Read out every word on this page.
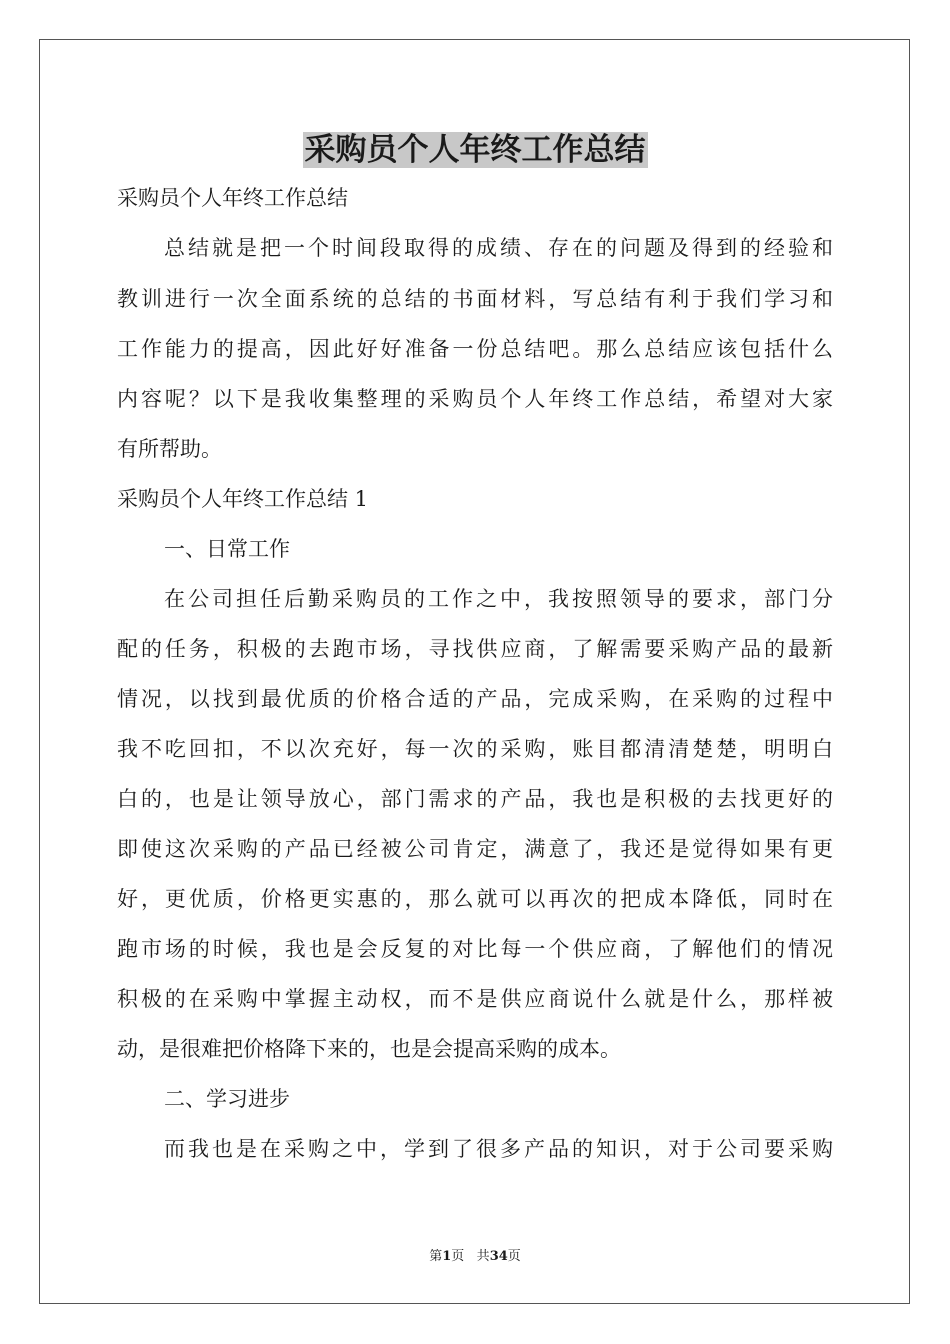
采购员个人年终工作总结

采购员个人年终工作总结

总结就是把一个时间段取得的成绩、存在的问题及得到的经验和

教训进行一次全面系统的总结的书面材料，写总结有利于我们学习和

工作能力的提高，因此好好准备一份总结吧。那么总结应该包括什么

内容呢？以下是我收集整理的采购员个人年终工作总结，希望对大家

有所帮助。

采购员个人年终工作总结 1

一、日常工作

在公司担任后勤采购员的工作之中，我按照领导的要求，部门分

配的任务，积极的去跑市场，寻找供应商，了解需要采购产品的最新

情况，以找到最优质的价格合适的产品，完成采购，在采购的过程中

我不吃回扣，不以次充好，每一次的采购，账目都清清楚楚，明明白

白的，也是让领导放心，部门需求的产品，我也是积极的去找更好的

即使这次采购的产品已经被公司肯定，满意了，我还是觉得如果有更

好，更优质，价格更实惠的，那么就可以再次的把成本降低，同时在

跑市场的时候，我也是会反复的对比每一个供应商，了解他们的情况

积极的在采购中掌握主动权，而不是供应商说什么就是什么，那样被

动，是很难把价格降下来的，也是会提高采购的成本。

二、学习进步

而我也是在采购之中，学到了很多产品的知识，对于公司要采购

第1页 共34页
